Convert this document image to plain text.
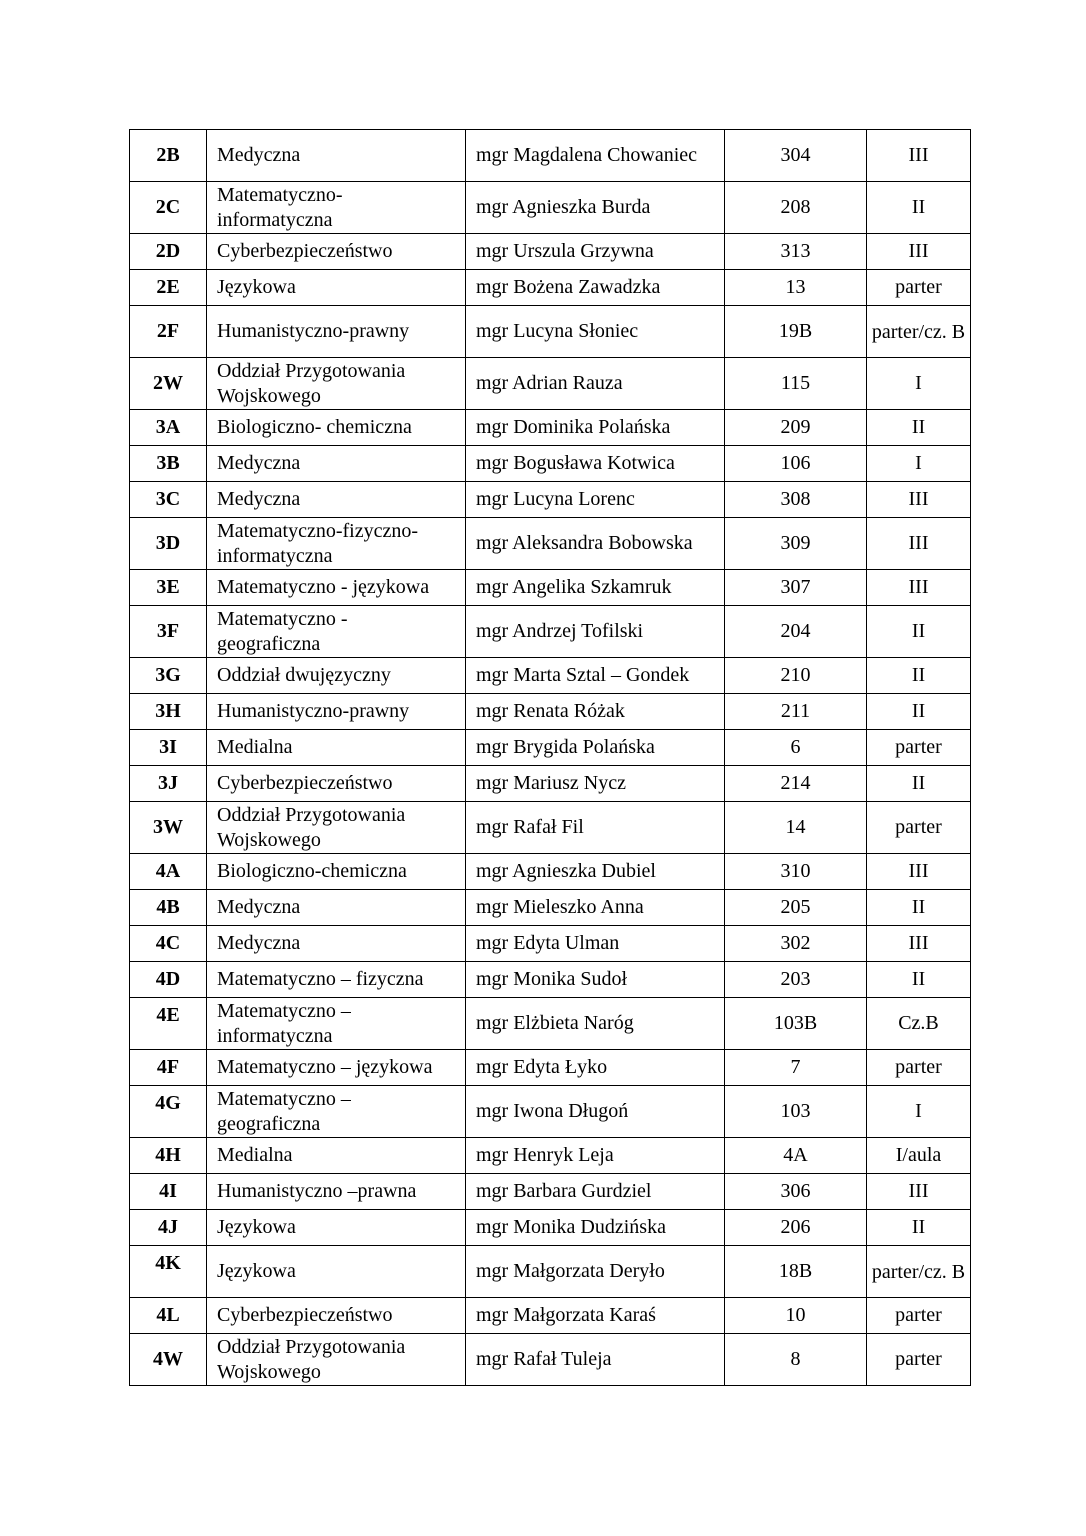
2B	Medyczna	mgr Magdalena Chowaniec	304	III
2C	Matematyczno-informatyczna	mgr Agnieszka Burda	208	II
2D	Cyberbezpieczeństwo	mgr Urszula Grzywna	313	III
2E	Językowa	mgr Bożena Zawadzka	13	parter
2F	Humanistyczno-prawny	mgr Lucyna Słoniec	19B	parter/cz. B
2W	Oddział Przygotowania Wojskowego	mgr Adrian Rauza	115	I
3A	Biologiczno- chemiczna	mgr Dominika Polańska	209	II
3B	Medyczna	mgr Bogusława Kotwica	106	I
3C	Medyczna	mgr Lucyna Lorenc	308	III
3D	Matematyczno-fizyczno-informatyczna	mgr Aleksandra Bobowska	309	III
3E	Matematyczno - językowa	mgr Angelika Szkamruk	307	III
3F	Matematyczno - geograficzna	mgr Andrzej Tofilski	204	II
3G	Oddział dwujęzyczny	mgr Marta Sztal – Gondek	210	II
3H	Humanistyczno-prawny	mgr Renata Różak	211	II
3I	Medialna	mgr Brygida Polańska	6	parter
3J	Cyberbezpieczeństwo	mgr Mariusz Nycz	214	II
3W	Oddział Przygotowania Wojskowego	mgr Rafał Fil	14	parter
4A	Biologiczno-chemiczna	mgr Agnieszka Dubiel	310	III
4B	Medyczna	mgr Mieleszko Anna	205	II
4C	Medyczna	mgr Edyta Ulman	302	III
4D	Matematyczno – fizyczna	mgr Monika Sudoł	203	II
4E	Matematyczno – informatyczna	mgr Elżbieta Naróg	103B	Cz.B
4F	Matematyczno – językowa	mgr Edyta Łyko	7	parter
4G	Matematyczno – geograficzna	mgr Iwona Długoń	103	I
4H	Medialna	mgr Henryk Leja	4A	I/aula
4I	Humanistyczno –prawna	mgr Barbara Gurdziel	306	III
4J	Językowa	mgr Monika Dudzińska	206	II
4K	Językowa	mgr Małgorzata Deryło	18B	parter/cz. B
4L	Cyberbezpieczeństwo	mgr Małgorzata Karaś	10	parter
4W	Oddział Przygotowania Wojskowego	mgr Rafał Tuleja	8	parter
